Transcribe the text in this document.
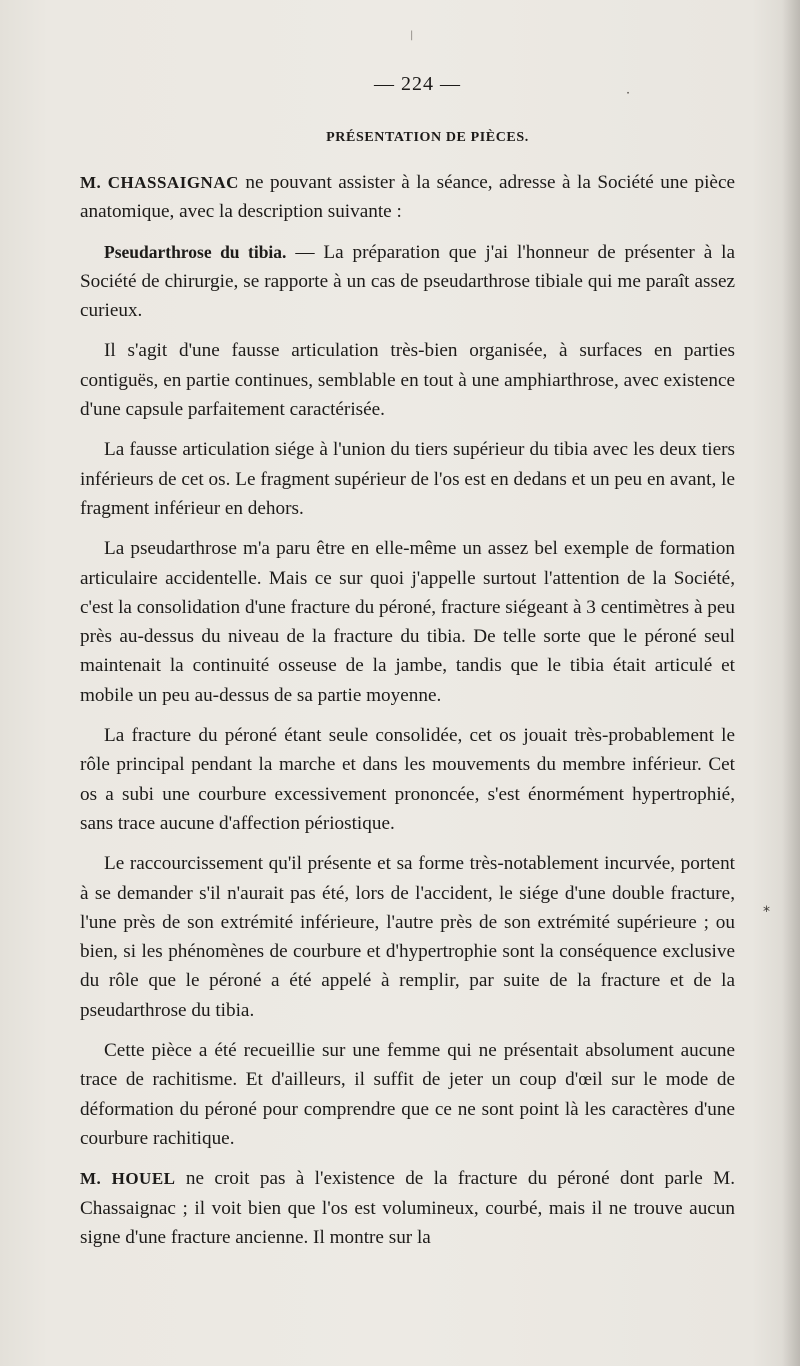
|
·
*
— 224 —
PRÉSENTATION DE PIÈCES.

M. CHASSAIGNAC ne pouvant assister à la séance, adresse à la Société une pièce anatomique, avec la description suivante :

Pseudarthrose du tibia. — La préparation que j'ai l'honneur de présenter à la Société de chirurgie, se rapporte à un cas de pseudarthrose tibiale qui me paraît assez curieux.

Il s'agit d'une fausse articulation très-bien organisée, à surfaces en parties contiguës, en partie continues, semblable en tout à une amphiarthrose, avec existence d'une capsule parfaitement caractérisée.

La fausse articulation siége à l'union du tiers supérieur du tibia avec les deux tiers inférieurs de cet os. Le fragment supérieur de l'os est en dedans et un peu en avant, le fragment inférieur en dehors.

La pseudarthrose m'a paru être en elle-même un assez bel exemple de formation articulaire accidentelle. Mais ce sur quoi j'appelle surtout l'attention de la Société, c'est la consolidation d'une fracture du péroné, fracture siégeant à 3 centimètres à peu près au-dessus du niveau de la fracture du tibia. De telle sorte que le péroné seul maintenait la continuité osseuse de la jambe, tandis que le tibia était articulé et mobile un peu au-dessus de sa partie moyenne.

La fracture du péroné étant seule consolidée, cet os jouait très-probablement le rôle principal pendant la marche et dans les mouvements du membre inférieur. Cet os a subi une courbure excessivement prononcée, s'est énormément hypertrophié, sans trace aucune d'affection périostique.

Le raccourcissement qu'il présente et sa forme très-notablement incurvée, portent à se demander s'il n'aurait pas été, lors de l'accident, le siége d'une double fracture, l'une près de son extrémité inférieure, l'autre près de son extrémité supérieure ; ou bien, si les phénomènes de courbure et d'hypertrophie sont la conséquence exclusive du rôle que le péroné a été appelé à remplir, par suite de la fracture et de la pseudarthrose du tibia.

Cette pièce a été recueillie sur une femme qui ne présentait absolument aucune trace de rachitisme. Et d'ailleurs, il suffit de jeter un coup d'œil sur le mode de déformation du péroné pour comprendre que ce ne sont point là les caractères d'une courbure rachitique.

M. HOUEL ne croit pas à l'existence de la fracture du péroné dont parle M. Chassaignac ; il voit bien que l'os est volumineux, courbé, mais il ne trouve aucun signe d'une fracture ancienne. Il montre sur la
